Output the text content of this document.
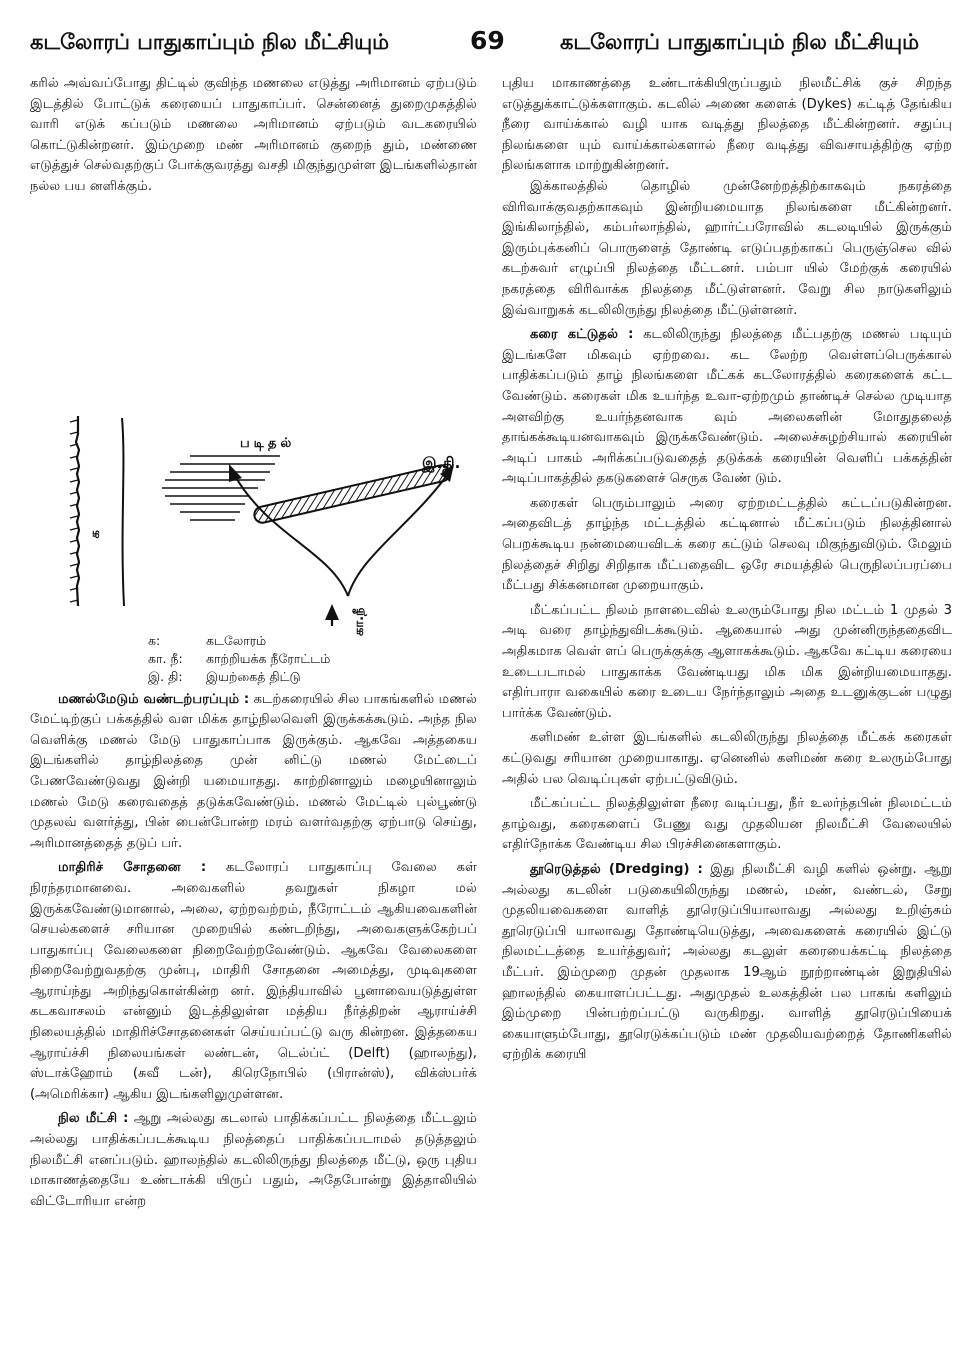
கடலோரப் பாதுகாப்பும் நில மீட்சியும்	69	கடலோரப் பாதுகாப்பும் நில மீட்சியும்

கரில் அவ்வப்போது திட்டில் குவிந்த மணலை எடுத்து அரிமானம் ஏற்படும் இடத்தில் போட்டுக் கரையைப் பாதுகாப்பர். சென்னைத் துறைமுகத்தில் வாரி எடுக் கப்படும் மணலை அரிமானம் ஏற்படும் வடகரையில் கொட்டுகின்றனர். இம்முறை மண் அரிமானம் குறைந் தும், மண்ணை எடுத்துச் செல்வதற்குப் போக்குவரத்து வசதி மிகுந்துமுள்ள இடங்களில்தான் நல்ல பய னளிக்கும்.

படிதல்
இ.தி.
க
கா.நீ
க:	கடலோரம்
கா. நீ: காற்றியக்க நீரோட்டம்
இ. தி: இயற்கைத் திட்டு

மணல்மேடும் வண்டற்பரப்பும் : கடற்கரையில் சில பாகங்களில் மணல் மேட்டிற்குப் பக்கத்தில் வள மிக்க தாழ்நிலவெளி இருக்கக்கூடும். அந்த நில வெளிக்கு மணல் மேடு பாதுகாப்பாக இருக்கும். ஆகவே அத்தகைய இடங்களில் தாழ்நிலத்தை முன் னிட்டு மணல் மேட்டைப் பேணவேண்டுவது இன்றி யமையாதது. காற்றினாலும் மழையினாலும் மணல் மேடு கரைவதைத் தடுக்கவேண்டும். மணல் மேட்டில் புல்பூண்டு முதலவ் வளர்த்து, பின் பைன்போன்ற மரம் வளர்வதற்கு ஏற்பாடு செய்து, அரிமானத்தைத் தடுப் பர்.

மாதிரிச் சோதனை : கடலோரப் பாதுகாப்பு வேலை கள் நிரந்தரமானவை. அவைகளில் தவறுகள் நிகழா மல் இருக்கவேண்டுமானால், அலை, ஏற்றவற்றம், நீரோட்டம் ஆகியவைகளின் செயல்களைச் சரியான முறையில் கண்டறிந்து, அவைகளுக்கேற்பப் பாதுகாப்பு வேலைகளை நிறைவேற்றவேண்டும். ஆகவே வேலைகளை நிறைவேற்றுவதற்கு முன்பு, மாதிரி சோதனை அமைத்து, முடிவுகளை ஆராய்ந்து அறிந்துகொள்கின்ற னர். இந்தியாவில் பூனாவையடுத்துள்ள கடகவாசலம் என்னும் இடத்திலுள்ள மத்திய நீர்த்திறன் ஆராய்ச்சி நிலையத்தில் மாதிரிச்சோதனைகள் செய்யப்பட்டு வரு கின்றன. இத்தகைய ஆராய்ச்சி நிலையங்கள் லண்டன், டெல்ப்ட் (Delft) (ஹாலந்து), ஸ்டாக்ஹோம் (சுவீ டன்), கிரெநோபில் (பிரான்ஸ்), விக்ஸ்பர்க் (அமெரிக்கா) ஆகிய இடங்களிலுமுள்ளன.

நில மீட்சி : ஆறு அல்லது கடலால் பாதிக்கப்பட்ட நிலத்தை மீட்டலும் அல்லது பாதிக்கப்படக்கூடிய நிலத்தைப் பாதிக்கப்படாமல் தடுத்தலும் நிலமீட்சி எனப்படும். ஹாலந்தில் கடலிலிருந்து நிலத்தை மீட்டு, ஒரு புதிய மாகாணத்தையே உண்டாக்கி யிருப் பதும், அதேபோன்று இத்தாலியில் விட்டோரியா என்ற

புதிய மாகாணத்தை உண்டாக்கியிருப்பதும் நிலமீட்சிக் குச் சிறந்த எடுத்துக்காட்டுக்களாகும். கடலில் அணை களைக் (Dykes) கட்டித் தேங்கிய நீரை வாய்க்கால் வழி யாக வடித்து நிலத்தை மீட்கின்றனர். சதுப்பு நிலங்களை யும் வாய்க்கால்களால் நீரை வடித்து விவசாயத்திற்கு ஏற்ற நிலங்களாக மாற்றுகின்றனர்.

இக்காலத்தில் தொழில் முன்னேற்றத்திற்காகவும் நகரத்தை விரிவாக்குவதற்காகவும் இன்றியமையாத நிலங்களை மீட்கின்றனர். இங்கிலாந்தில், கம்பர்லாந்தில், ஹார்ட்பரோவில் கடலடியில் இருக்கும் இரும்புக்கனிப் பொருளைத் தோண்டி எடுப்பதற்காகப் பெருஞ்செல வில் கடற்சுவர் எழுப்பி நிலத்தை மீட்டனர். பம்பா யில் மேற்குக் கரையில் நகரத்தை விரிவாக்க நிலத்தை மீட்டுள்ளனர். வேறு சில நாடுகளிலும் இவ்வாறுகக் கடலிலிருந்து நிலத்தை மீட்டுள்ளனர்.

கரை கட்டுதல் : கடலிலிருந்து நிலத்தை மீட்பதற்கு மணல் படியும் இடங்களே மிகவும் ஏற்றவை. கட லேற்ற வெள்ளப்பெருக்கால் பாதிக்கப்படும் தாழ் நிலங்களை மீட்கக் கடலோரத்தில் கரைகளைக் கட்ட வேண்டும். கரைகள் மிக உயர்ந்த உவா-ஏற்றமும் தாண்டிச் செல்ல முடியாத அளவிற்கு உயர்ந்தனவாக வும் அலைகளின் மோதுதலைத் தாங்கக்கூடியனவாகவும் இருக்கவேண்டும். அலைச்சுழற்சியால் கரையின் அடிப் பாகம் அரிக்கப்படுவதைத் தடுக்கக் கரையின் வெளிப் பக்கத்தின் அடிப்பாகத்தில் தகடுகளைச் செருக வேண் டும்.

கரைகள் பெரும்பாலும் அரை ஏற்றமட்டத்தில் கட்டப்படுகின்றன. அதைவிடத் தாழ்ந்த மட்டத்தில் கட்டினால் மீட்கப்படும் நிலத்தினால் பெறக்கூடிய நன்மையைவிடக் கரை கட்டும் செலவு மிகுந்துவிடும். மேலும் நிலத்தைச் சிறிது சிறிதாக மீட்பதைவிட ஒரே சமயத்தில் பெருநிலப்பரப்பை மீட்பது சிக்கனமான முறையாகும்.

மீட்கப்பட்ட நிலம் நாளடைவில் உலரும்போது நில மட்டம் 1 முதல் 3 அடி வரை தாழ்ந்துவிடக்கூடும். ஆகையால் அது முன்னிருந்ததைவிட அதிகமாக வெள் ளப் பெருக்குக்கு ஆளாகக்கூடும். ஆகவே கட்டிய கரையை உடைபடாமல் பாதுகாக்க வேண்டியது மிக மிக இன்றியமையாதது. எதிர்பாரா வகையில் கரை உடைய நேர்ந்தாலும் அதை உடனுக்குடன் பழுது பார்க்க வேண்டும்.

களிமண் உள்ள இடங்களில் கடலிலிருந்து நிலத்தை மீட்கக் கரைகள் கட்டுவது சரியான முறையாகாது. ஏனெனில் களிமண் கரை உலரும்போது அதில் பல வெடிப்புகள் ஏற்பட்டுவிடும்.

மீட்கப்பட்ட நிலத்திலுள்ள நீரை வடிப்பது, நீர் உலர்ந்தபின் நிலமட்டம் தாழ்வது, கரைகளைப் பேணு வது முதலியன நிலமீட்சி வேலையில் எதிர்நோக்க வேண்டிய சில பிரச்சினைகளாகும்.

தூரெடுத்தல் (Dredging) : இது நிலமீட்சி வழி களில் ஒன்று. ஆறு அல்லது கடலின் படுகையிலிருந்து மணல், மண், வண்டல், சேறு முதலியவைகளை வாளித் தூரெடுப்பியாலாவது அல்லது உறிஞ்சும் தூரெடுப்பி யாலாவது தோண்டியெடுத்து, அவைகளைக் கரையில் இட்டு நிலமட்டத்தை உயர்த்துவர்; அல்லது கடலுள் கரையைக்கட்டி நிலத்தை மீட்பர். இம்முறை முதன் முதலாக 19ஆம் நூற்றாண்டின் இறுதியில் ஹாலந்தில் கையாளப்பட்டது. அதுமுதல் உலகத்தின் பல பாகங் களிலும் இம்முறை பின்பற்றப்பட்டு வருகிறது. வாளித் தூரெடுப்பியைக் கையாளும்போது, தூரெடுக்கப்படும் மண் முதலியவற்றைத் தோணிகளில் ஏற்றிக் கரையி
